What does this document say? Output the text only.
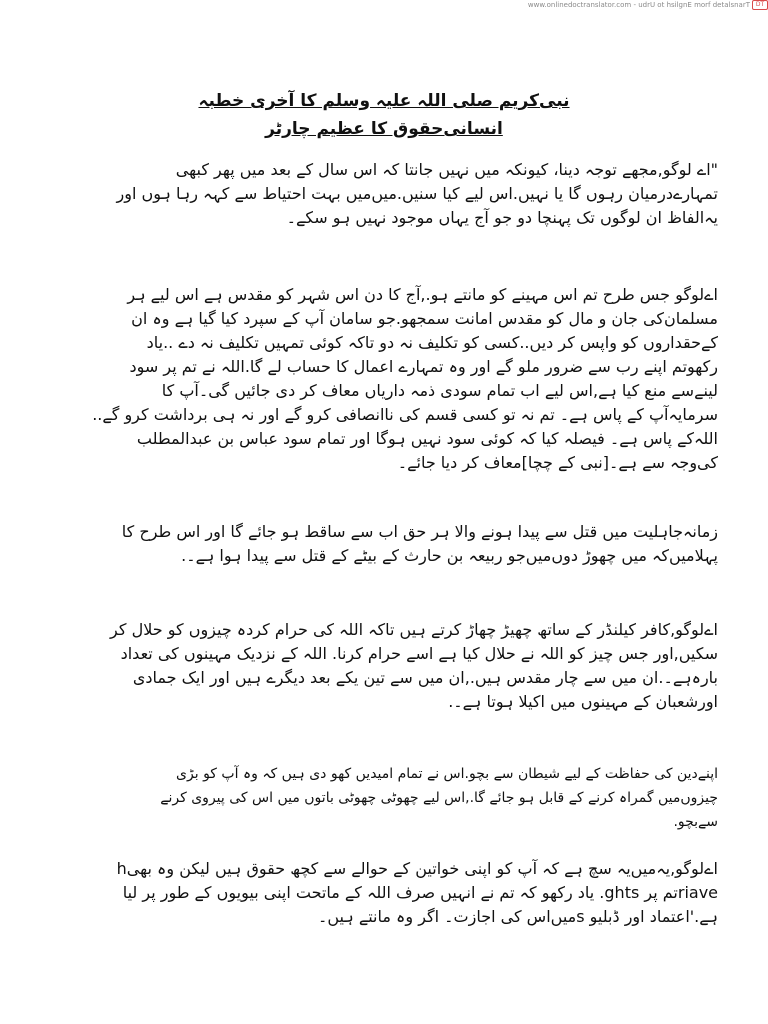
www.onlinedoctranslator.com - udrU ot hsilgnE morf detalsnarT DT
نبی‌کریم صلی اللہ علیہ وسلم کا آخری خطبہ
انسانی‌حقوق کا عظیم چارٹر

"اے لوگو,مجھے توجہ دینا، کیونکہ میں نہیں جانتا کہ اس سال کے بعد میں پھر کبھی
تمہارےدرمیان رہوں گا یا نہیں.اس لیے کیا سنیں.میں‌میں بہت احتیاط سے کہہ رہا ہوں اور
یہ‌الفاظ ان لوگوں تک پہنچا دو جو آج یہاں موجود نہیں ہو سکے۔

اےلوگو جس طرح تم اس مہینے کو مانتے ہو.,آج کا دن اس شہر کو مقدس ہے اس لیے ہر
مسلمان‌کی جان و مال کو مقدس امانت سمجھو.جو سامان آپ کے سپرد کیا گیا ہے وہ ان
کےحقداروں کو واپس کر دیں..کسی کو تکلیف نہ دو تاکہ کوئی تمہیں تکلیف نہ دے ..یاد
رکھوتم اپنے رب سے ضرور ملو گے اور وہ تمہارے اعمال کا حساب لے گا.اللہ نے تم پر سود
لینےسے منع کیا ہے,اس لیے اب تمام سودی ذمہ داریاں معاف کر دی جائیں گی۔آپ کا
سرمایہ‌آپ کے پاس ہے۔ تم نہ تو کسی قسم کی ناانصافی کرو گے اور نہ ہی برداشت کرو گے..
اللہ‌کے پاس ہے۔ فیصلہ کیا کہ کوئی سود نہیں ہوگا اور تمام سود عباس بن عبدالمطلب
کی‌وجہ سے ہے۔[نبی کے چچا]معاف کر دیا جائے۔

زمانہ‌جاہلیت میں قتل سے پیدا ہونے والا ہر حق اب سے ساقط ہو جائے گا اور اس طرح کا
پہلامیں‌کہ میں چھوڑ دوں‌میں‌جو ربیعہ بن حارث کے بیٹے کے قتل سے پیدا ہوا ہے۔.

اےلوگو,کافر کیلنڈر کے ساتھ چھیڑ چھاڑ کرتے ہیں تاکہ اللہ کی حرام کردہ چیزوں کو حلال کر
سکیں,اور جس چیز کو اللہ نے حلال کیا ہے اسے حرام کرنا. اللہ کے نزدیک مہینوں کی تعداد
بارہ‌ہے۔.ان میں سے چار مقدس ہیں.,ان میں سے تین یکے بعد دیگرے ہیں اور ایک جمادی
اورشعبان کے مہینوں میں اکیلا ہوتا ہے۔.

اپنےدین کی حفاظت کے لیے شیطان سے بچو.اس نے تمام امیدیں کھو دی ہیں کہ وہ آپ کو بڑی
چیزوں‌میں گمراہ کرنے کے قابل ہو جائے گا.,اس لیے چھوٹی چھوٹی باتوں میں اس کی پیروی کرنے
سےبچو.

اےلوگو,یہ‌میں‌یہ سچ ہے کہ آپ کو اپنی خواتین کے حوالے سے کچھ حقوق ہیں لیکن وہ بھیh
riaveتم پر ghts. یاد رکھو کہ تم نے انہیں صرف اللہ کے ماتحت اپنی بیویوں کے طور پر لیا
ہے.'اعتماد اور ڈبلیو sمیں‌اس کی اجازت۔ اگر وہ مانتے ہیں۔
